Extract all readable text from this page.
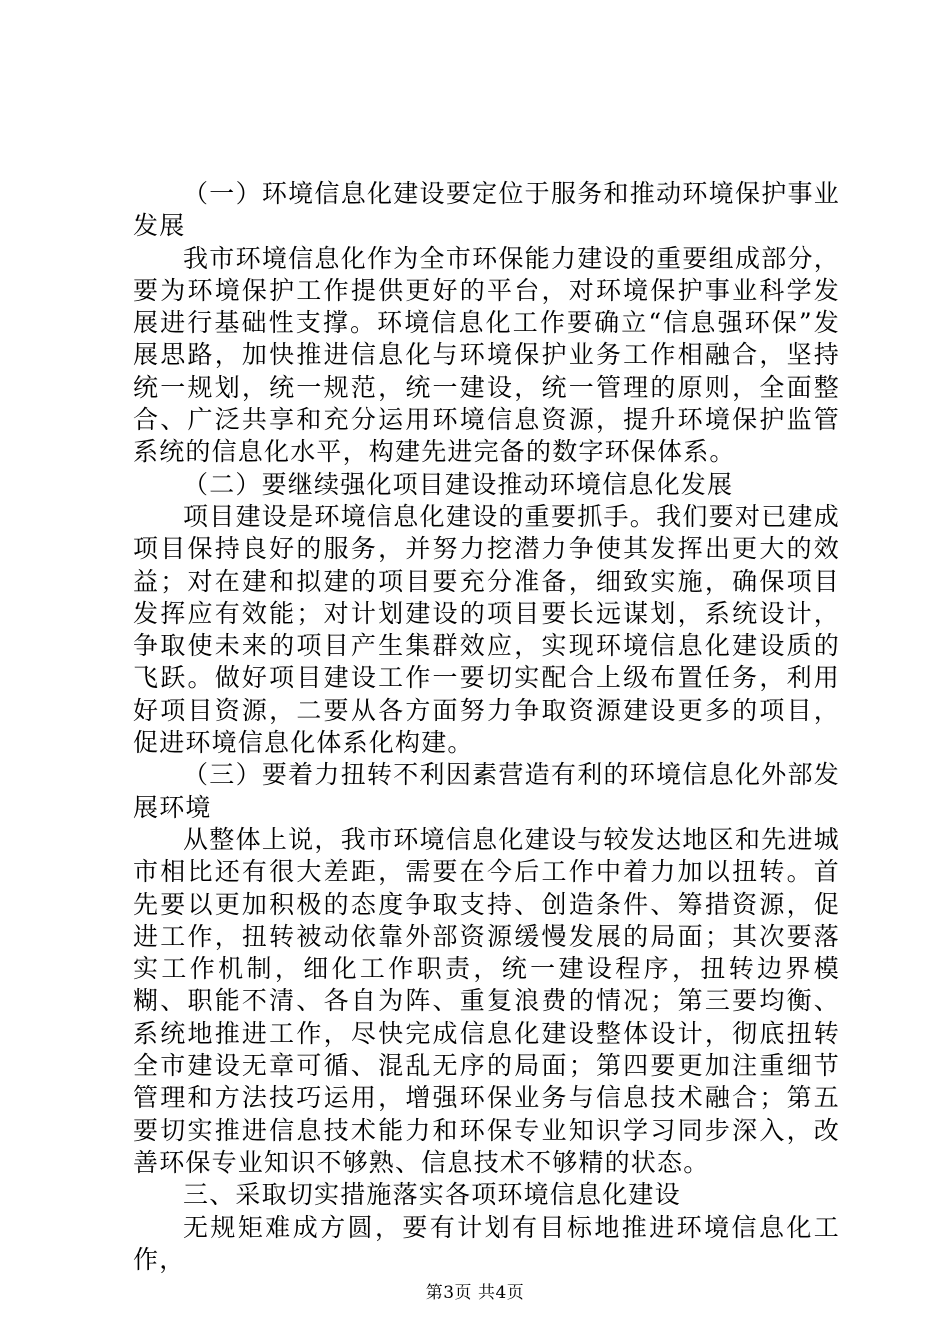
（一）环境信息化建设要定位于服务和推动环境保护事业发展

我市环境信息化作为全市环保能力建设的重要组成部分，要为环境保护工作提供更好的平台，对环境保护事业科学发展进行基础性支撑。环境信息化工作要确立“信息强环保”发展思路，加快推进信息化与环境保护业务工作相融合，坚持统一规划，统一规范，统一建设，统一管理的原则，全面整合、广泛共享和充分运用环境信息资源，提升环境保护监管系统的信息化水平，构建先进完备的数字环保体系。

（二）要继续强化项目建设推动环境信息化发展

项目建设是环境信息化建设的重要抓手。我们要对已建成项目保持良好的服务，并努力挖潜力争使其发挥出更大的效益；对在建和拟建的项目要充分准备，细致实施，确保项目发挥应有效能；对计划建设的项目要长远谋划，系统设计，争取使未来的项目产生集群效应，实现环境信息化建设质的飞跃。做好项目建设工作一要切实配合上级布置任务，利用好项目资源，二要从各方面努力争取资源建设更多的项目，促进环境信息化体系化构建。

（三）要着力扭转不利因素营造有利的环境信息化外部发展环境

从整体上说，我市环境信息化建设与较发达地区和先进城市相比还有很大差距，需要在今后工作中着力加以扭转。首先要以更加积极的态度争取支持、创造条件、筹措资源，促进工作，扭转被动依靠外部资源缓慢发展的局面；其次要落实工作机制，细化工作职责，统一建设程序，扭转边界模糊、职能不清、各自为阵、重复浪费的情况；第三要均衡、系统地推进工作，尽快完成信息化建设整体设计，彻底扭转全市建设无章可循、混乱无序的局面；第四要更加注重细节管理和方法技巧运用，增强环保业务与信息技术融合；第五要切实推进信息技术能力和环保专业知识学习同步深入，改善环保专业知识不够熟、信息技术不够精的状态。

三、采取切实措施落实各项环境信息化建设

无规矩难成方圆，要有计划有目标地推进环境信息化工作，

第3页 共4页
